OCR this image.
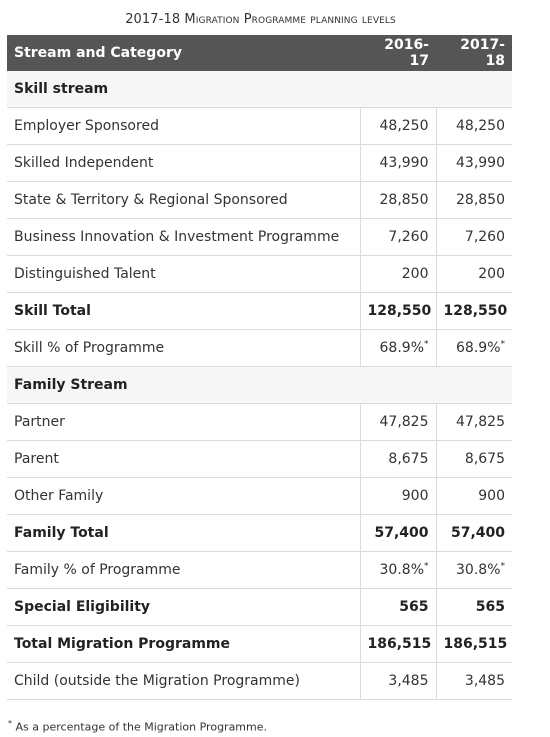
2017-18 Migration Programme planning levels
Stream and Category	2016-17	2017-18
Skill stream		
Employer Sponsored	48,250	48,250
Skilled Independent	43,990	43,990
State & Territory & Regional Sponsored	28,850	28,850
Business Innovation & Investment Programme	7,260	7,260
Distinguished Talent	200	200
Skill Total	128,550	128,550
Skill % of Programme	68.9%*	68.9%*
Family Stream		
Partner	47,825	47,825
Parent	8,675	8,675
Other Family	900	900
Family Total	57,400	57,400
Family % of Programme	30.8%*	30.8%*
Special Eligibility	565	565
Total Migration Programme	186,515	186,515
Child (outside the Migration Programme)	3,485	3,485
* As a percentage of the Migration Programme.
